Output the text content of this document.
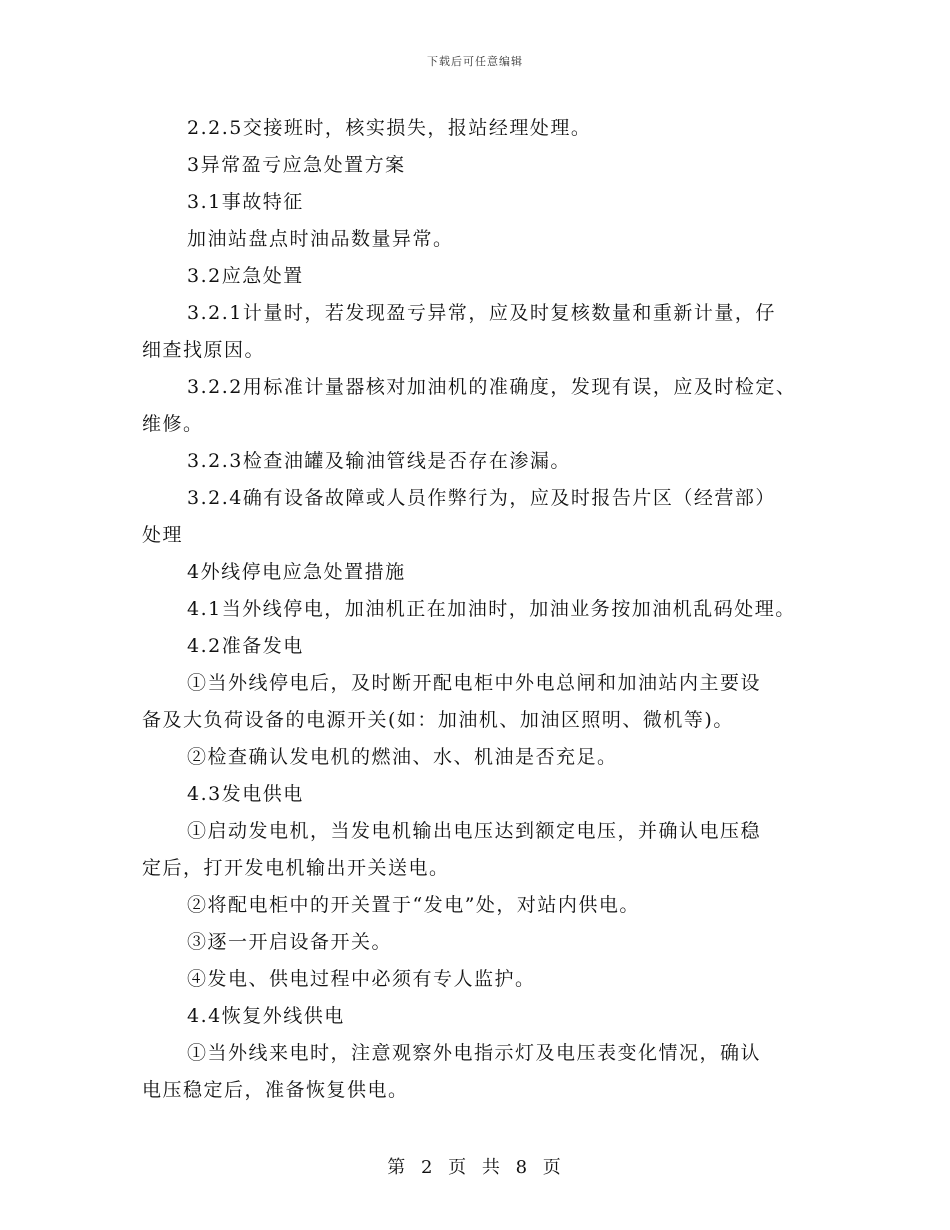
下载后可任意编辑

2.2.5交接班时，核实损失，报站经理处理。

3异常盈亏应急处置方案

3.1事故特征

加油站盘点时油品数量异常。

3.2应急处置

3.2.1计量时，若发现盈亏异常，应及时复核数量和重新计量，仔

细查找原因。

3.2.2用标准计量器核对加油机的准确度，发现有误，应及时检定、

维修。

3.2.3检查油罐及输油管线是否存在渗漏。

3.2.4确有设备故障或人员作弊行为，应及时报告片区（经营部）

处理

4外线停电应急处置措施

4.1当外线停电，加油机正在加油时，加油业务按加油机乱码处理。

4.2准备发电

①当外线停电后，及时断开配电柜中外电总闸和加油站内主要设

备及大负荷设备的电源开关(如：加油机、加油区照明、微机等)。

②检查确认发电机的燃油、水、机油是否充足。

4.3发电供电

①启动发电机，当发电机输出电压达到额定电压，并确认电压稳

定后，打开发电机输出开关送电。

②将配电柜中的开关置于“发电”处，对站内供电。

③逐一开启设备开关。

④发电、供电过程中必须有专人监护。

4.4恢复外线供电

①当外线来电时，注意观察外电指示灯及电压表变化情况，确认

电压稳定后，准备恢复供电。

第 2 页 共 8 页
